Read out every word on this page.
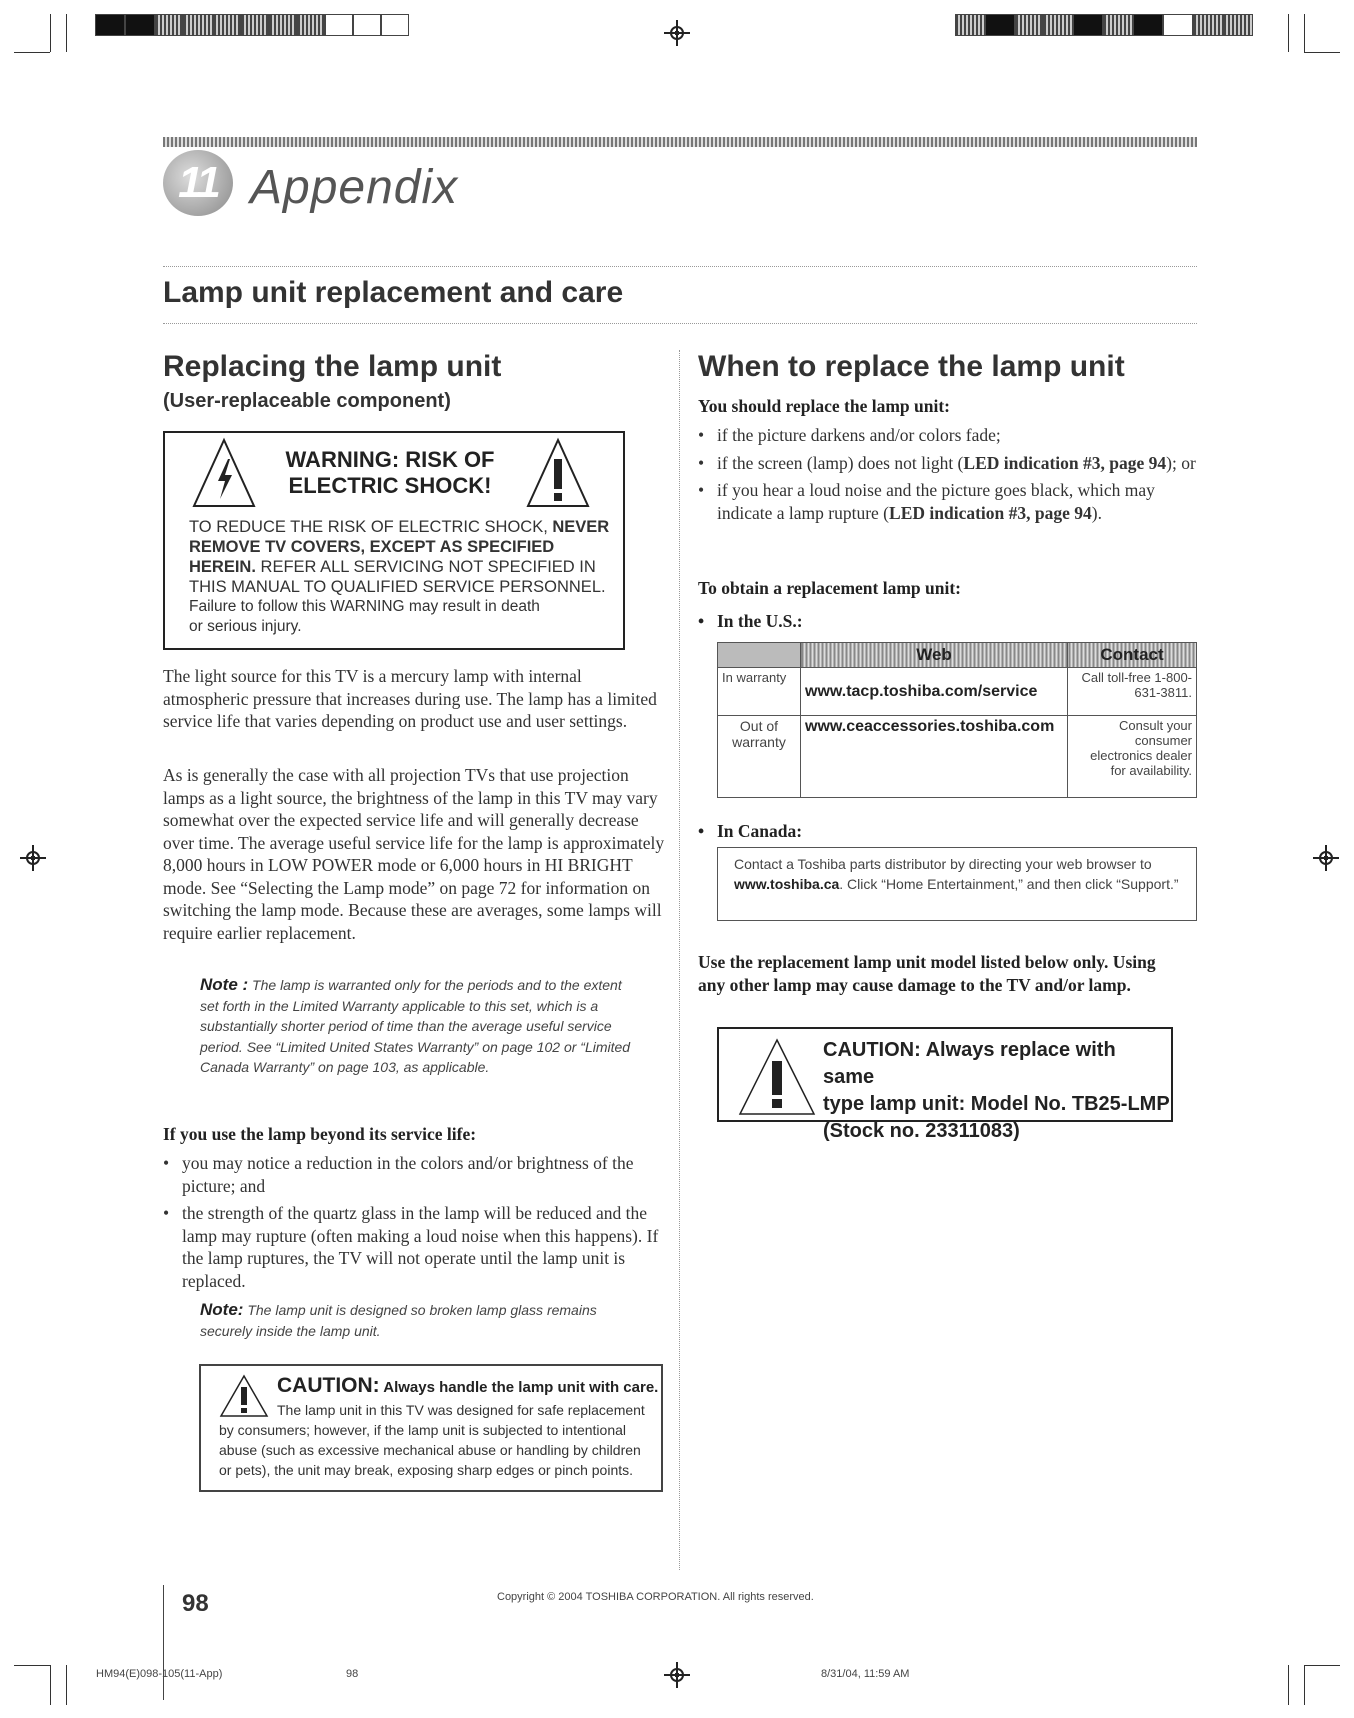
11 Appendix
Lamp unit replacement and care
Replacing the lamp unit
(User-replaceable component)
WARNING: RISK OF
ELECTRIC SHOCK!
TO REDUCE THE RISK OF ELECTRIC SHOCK, NEVER
REMOVE TV COVERS, EXCEPT AS SPECIFIED
HEREIN. REFER ALL SERVICING NOT SPECIFIED IN
THIS MANUAL TO QUALIFIED SERVICE PERSONNEL.
Failure to follow this WARNING may result in death
or serious injury.
The light source for this TV is a mercury lamp with internal atmospheric pressure that increases during use. The lamp has a limited service life that varies depending on product use and user settings.
As is generally the case with all projection TVs that use projection lamps as a light source, the brightness of the lamp in this TV may vary somewhat over the expected service life and will generally decrease over time. The average useful service life for the lamp is approximately 8,000 hours in LOW POWER mode or 6,000 hours in HI BRIGHT mode. See “Selecting the Lamp mode” on page 72 for information on switching the lamp mode. Because these are averages, some lamps will require earlier replacement.
Note : The lamp is warranted only for the periods and to the extent set forth in the Limited Warranty applicable to this set, which is a substantially shorter period of time than the average useful service period. See “Limited United States Warranty” on page 102 or “Limited Canada Warranty” on page 103, as applicable.
If you use the lamp beyond its service life:
• you may notice a reduction in the colors and/or brightness of the picture; and
• the strength of the quartz glass in the lamp will be reduced and the lamp may rupture (often making a loud noise when this happens). If the lamp ruptures, the TV will not operate until the lamp unit is replaced.
Note: The lamp unit is designed so broken lamp glass remains securely inside the lamp unit.
CAUTION: Always handle the lamp unit with care.
The lamp unit in this TV was designed for safe replacement
by consumers; however, if the lamp unit is subjected to intentional
abuse (such as excessive mechanical abuse or handling by children
or pets), the unit may break, exposing sharp edges or pinch points.
When to replace the lamp unit
You should replace the lamp unit:
• if the picture darkens and/or colors fade;
• if the screen (lamp) does not light (LED indication #3, page 94); or
• if you hear a loud noise and the picture goes black, which may indicate a lamp rupture (LED indication #3, page 94).
To obtain a replacement lamp unit:
• In the U.S.:
	Web	Contact
In warranty	www.tacp.toshiba.com/service	Call toll-free 1-800-631-3811.
Out of warranty	www.ceaccessories.toshiba.com	Consult your consumer electronics dealer for availability.
• In Canada:
Contact a Toshiba parts distributor by directing your web browser to www.toshiba.ca. Click “Home Entertainment,” and then click “Support.”
Use the replacement lamp unit model listed below only. Using any other lamp may cause damage to the TV and/or lamp.
CAUTION: Always replace with same
type lamp unit: Model No. TB25-LMP
(Stock no. 23311083)
98	Copyright © 2004 TOSHIBA CORPORATION. All rights reserved.
HM94(E)098-105(11-App)	98	8/31/04, 11:59 AM
